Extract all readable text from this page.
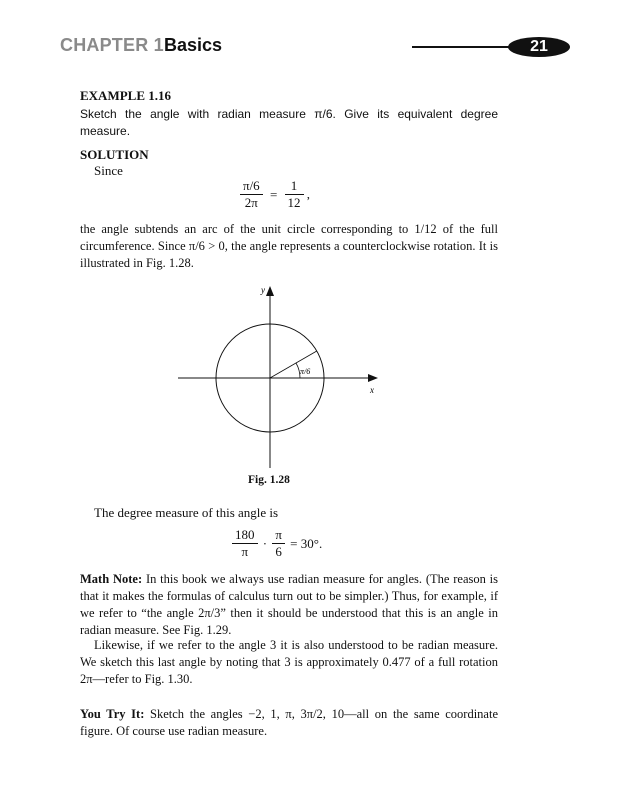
CHAPTER 1 Basics	21
EXAMPLE 1.16
Sketch the angle with radian measure π/6. Give its equivalent degree measure.
SOLUTION
Since
$\frac{\pi/6}{2\pi} = \frac{1}{12}$ ,
the angle subtends an arc of the unit circle corresponding to 1/12 of the full circumference. Since π/6 > 0, the angle represents a counterclockwise rotation. It is illustrated in Fig. 1.28.
π/6
y
x
Fig. 1.28
The degree measure of this angle is
$\frac{180}{\pi} \cdot \frac{\pi}{6} = 30^\circ$.
Math Note: In this book we always use radian measure for angles. (The reason is that it makes the formulas of calculus turn out to be simpler.) Thus, for example, if we refer to “the angle 2π/3” then it should be understood that this is an angle in radian measure. See Fig. 1.29.
Likewise, if we refer to the angle 3 it is also understood to be radian measure. We sketch this last angle by noting that 3 is approximately 0.477 of a full rotation 2π—refer to Fig. 1.30.
You Try It: Sketch the angles −2, 1, π, 3π/2, 10—all on the same coordinate figure. Of course use radian measure.
